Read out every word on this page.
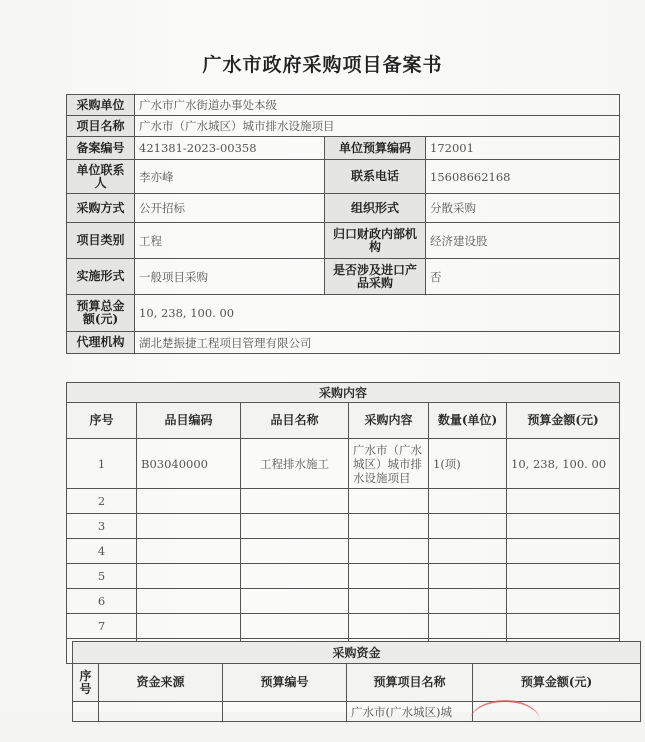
广水市政府采购项目备案书
采购单位	广水市广水街道办事处本级		
项目名称	广水市（广水城区）城市排水设施项目		
备案编号	421381-2023-00358	单位预算编码	172001
单位联系人	李亦峰	联系电话	15608662168
采购方式	公开招标	组织形式	分散采购
项目类别	工程	归口财政内部机构	经济建设股
实施形式	一般项目采购	是否涉及进口产品采购	否
预算总金额(元)	10, 238, 100. 00		
代理机构	湖北楚振捷工程项目管理有限公司		
采购内容					
序号	品目编码	品目名称	采购内容	数量(单位)	预算金额(元)
1	B03040000	工程排水施工	广水市（广水城区）城市排水设施项目	1(项)	10, 238, 100. 00
2					
3					
4					
5					
6					
7					

采购资金				
序号	资金来源	预算编号	预算项目名称	预算金额(元)
			广水市(广水城区)城	
